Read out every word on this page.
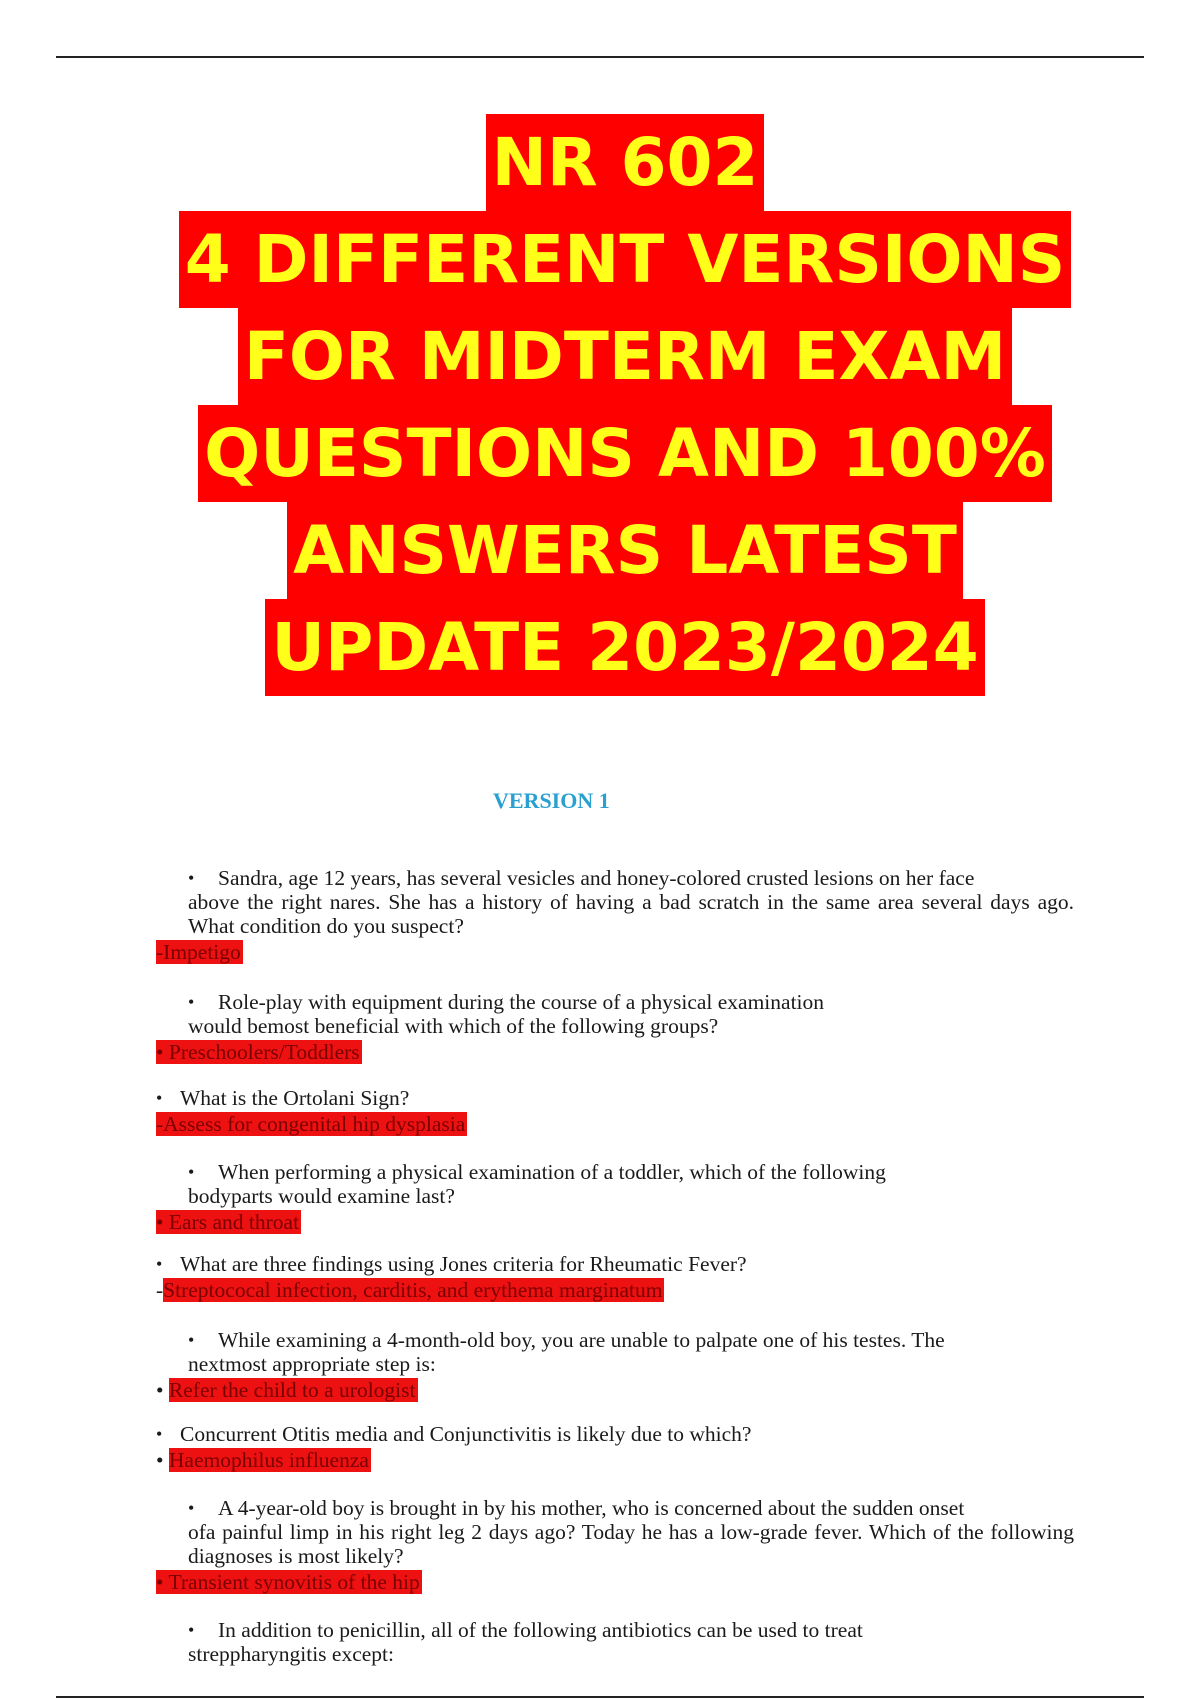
NR 602
4 DIFFERENT VERSIONS
FOR MIDTERM EXAM
QUESTIONS AND 100%
ANSWERS LATEST
UPDATE 2023/2024
VERSION 1
•	Sandra, age 12 years, has several vesicles and honey-colored crusted lesions on her face
above the right nares. She has a history of having a bad scratch in the same area several days ago. What condition do you suspect?
-Impetigo
•	Role-play with equipment during the course of a physical examination
would bemost beneficial with which of the following groups?
• Preschoolers/Toddlers
• What is the Ortolani Sign?
-Assess for congenital hip dysplasia
•	When performing a physical examination of a toddler, which of the following
bodyparts would examine last?
• Ears and throat
• What are three findings using Jones criteria for Rheumatic Fever?
-Streptococal infection, carditis, and erythema marginatum
•	While examining a 4-month-old boy, you are unable to palpate one of his testes. The
nextmost appropriate step is:
• Refer the child to a urologist
• Concurrent Otitis media and Conjunctivitis is likely due to which?
• Haemophilus influenza
•	A 4-year-old boy is brought in by his mother, who is concerned about the sudden onset
ofa painful limp in his right leg 2 days ago? Today he has a low-grade fever. Which of the following diagnoses is most likely?
• Transient synovitis of the hip
•	In addition to penicillin, all of the following antibiotics can be used to treat
streppharyngitis except:
